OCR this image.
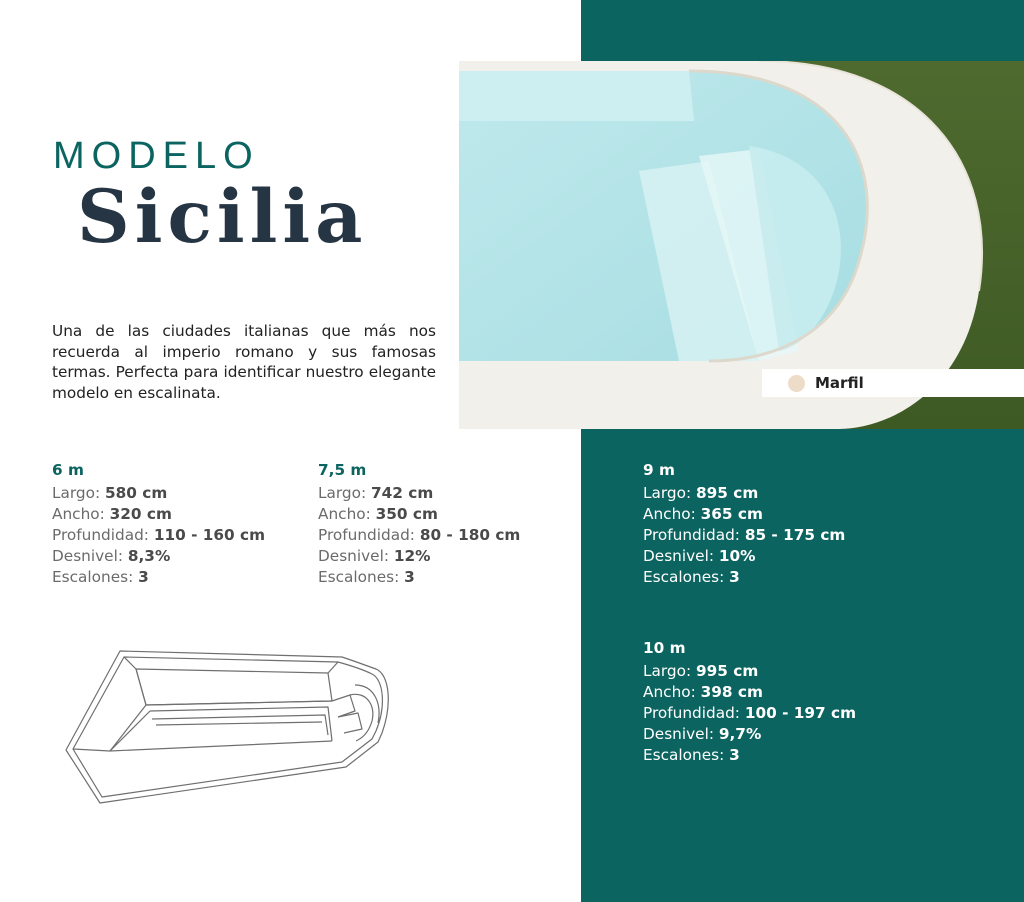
Marfil
MODELO
Sicilia
Una de las ciudades italianas que más nos recuerda al imperio romano y sus famosas termas. Perfecta para identificar nuestro elegante modelo en escalinata.
6 m
Largo: 580 cm
Ancho: 320 cm
Profundidad: 110 - 160 cm
Desnivel: 8,3%
Escalones: 3
7,5 m
Largo: 742 cm
Ancho: 350 cm
Profundidad: 80 - 180 cm
Desnivel: 12%
Escalones: 3
9 m
Largo: 895 cm
Ancho: 365 cm
Profundidad: 85 - 175 cm
Desnivel: 10%
Escalones: 3
10 m
Largo: 995 cm
Ancho: 398 cm
Profundidad: 100 - 197 cm
Desnivel: 9,7%
Escalones: 3
